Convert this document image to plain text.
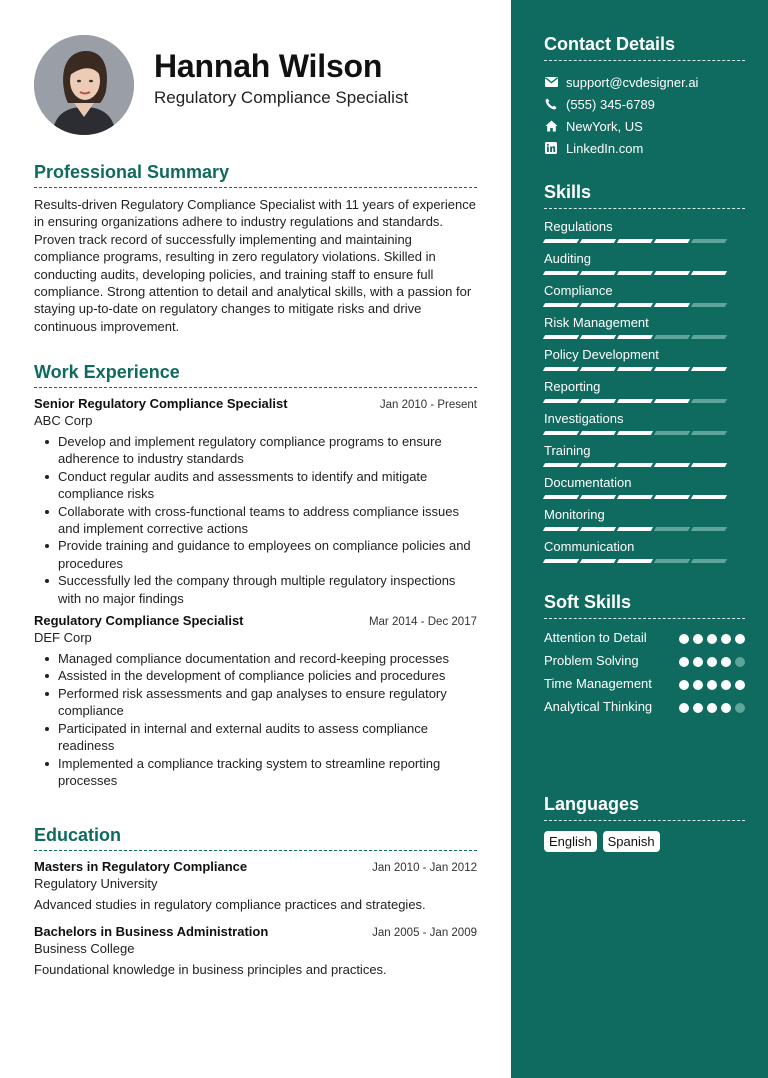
Hannah Wilson
Regulatory Compliance Specialist
Professional Summary
Results-driven Regulatory Compliance Specialist with 11 years of experience in ensuring organizations adhere to industry regulations and standards. Proven track record of successfully implementing and maintaining compliance programs, resulting in zero regulatory violations. Skilled in conducting audits, developing policies, and training staff to ensure full compliance. Strong attention to detail and analytical skills, with a passion for staying up-to-date on regulatory changes to mitigate risks and drive continuous improvement.
Work Experience
Senior Regulatory Compliance Specialist	Jan 2010 - Present
ABC Corp
Develop and implement regulatory compliance programs to ensure adherence to industry standards
Conduct regular audits and assessments to identify and mitigate compliance risks
Collaborate with cross-functional teams to address compliance issues and implement corrective actions
Provide training and guidance to employees on compliance policies and procedures
Successfully led the company through multiple regulatory inspections with no major findings
Regulatory Compliance Specialist	Mar 2014 - Dec 2017
DEF Corp
Managed compliance documentation and record-keeping processes
Assisted in the development of compliance policies and procedures
Performed risk assessments and gap analyses to ensure regulatory compliance
Participated in internal and external audits to assess compliance readiness
Implemented a compliance tracking system to streamline reporting processes
Education
Masters in Regulatory Compliance	Jan 2010 - Jan 2012
Regulatory University
Advanced studies in regulatory compliance practices and strategies.
Bachelors in Business Administration	Jan 2005 - Jan 2009
Business College
Foundational knowledge in business principles and practices.
Contact Details
support@cvdesigner.ai
(555) 345-6789
NewYork, US
LinkedIn.com
Skills
Regulations
Auditing
Compliance
Risk Management
Policy Development
Reporting
Investigations
Training
Documentation
Monitoring
Communication
Soft Skills
Attention to Detail
Problem Solving
Time Management
Analytical Thinking
Languages
English	Spanish
